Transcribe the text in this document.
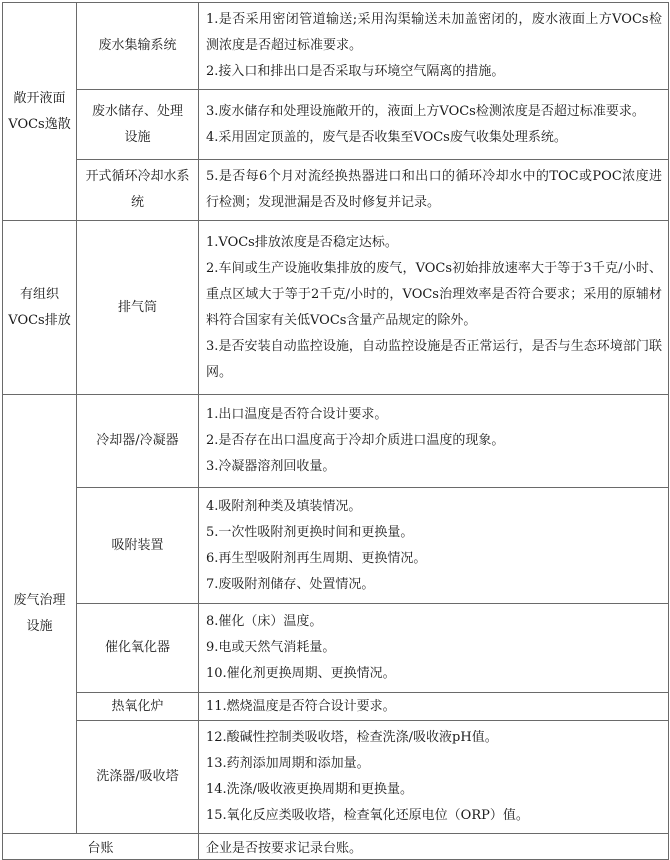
敞开液面VOCs逸散	废水集输系统	1.是否采用密闭管道输送;采用沟渠输送未加盖密闭的，废水液面上方VOCs检测浓度是否超过标准要求。
2.接入口和排出口是否采取与环境空气隔离的措施。

	废水储存、处理设施	3.废水储存和处理设施敞开的，液面上方VOCs检测浓度是否超过标准要求。
4.采用固定顶盖的，废气是否收集至VOCs废气收集处理系统。

	开式循环冷却水系统	5.是否每6个月对流经换热器进口和出口的循环冷却水中的TOC或POC浓度进行检测；发现泄漏是否及时修复并记录。

有组织VOCs排放	排气筒	1.VOCs排放浓度是否稳定达标。
2.车间或生产设施收集排放的废气，VOCs初始排放速率大于等于3千克/小时、重点区域大于等于2千克/小时的，VOCs治理效率是否符合要求；采用的原辅材料符合国家有关低VOCs含量产品规定的除外。
3.是否安装自动监控设施，自动监控设施是否正常运行，是否与生态环境部门联网。

废气治理设施	冷却器/冷凝器	1.出口温度是否符合设计要求。
2.是否存在出口温度高于冷却介质进口温度的现象。
3.冷凝器溶剂回收量。

	吸附装置	4.吸附剂种类及填装情况。
5.一次性吸附剂更换时间和更换量。
6.再生型吸附剂再生周期、更换情况。
7.废吸附剂储存、处置情况。

	催化氧化器	8.催化（床）温度。
9.电或天然气消耗量。
10.催化剂更换周期、更换情况。

	热氧化炉	11.燃烧温度是否符合设计要求。

	洗涤器/吸收塔	12.酸碱性控制类吸收塔，检查洗涤/吸收液pH值。
13.药剂添加周期和添加量。
14.洗涤/吸收液更换周期和更换量。
15.氧化反应类吸收塔，检查氧化还原电位（ORP）值。

台账		企业是否按要求记录台账。
